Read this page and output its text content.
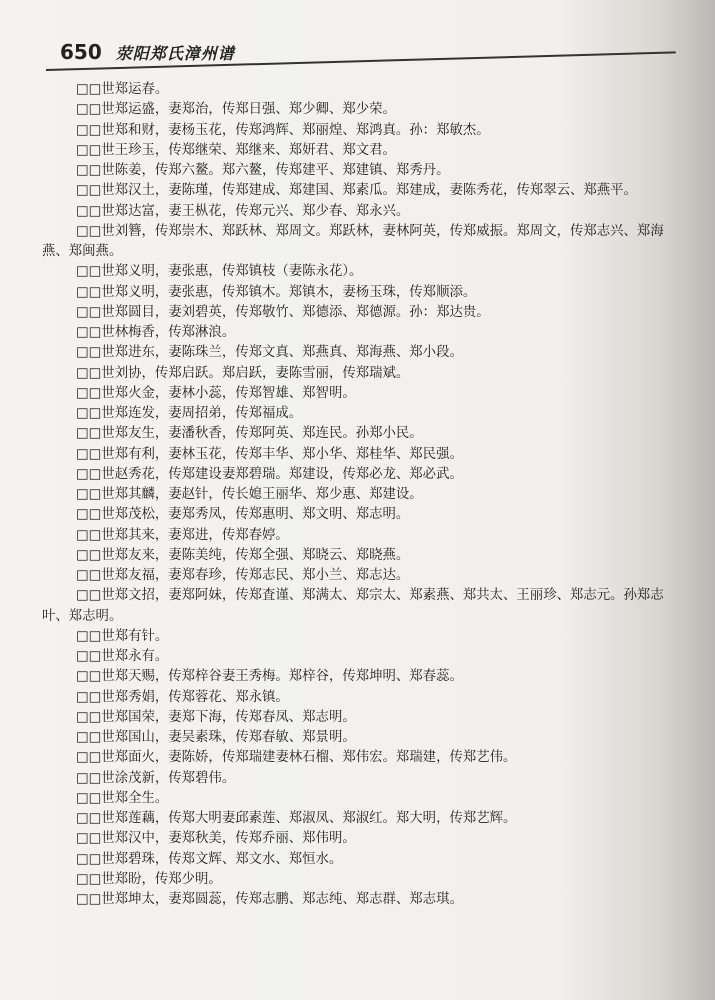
650 荥阳郑氏漳州谱

□□世郑运春。

□□世郑运盛，妻郑治，传郑日强、郑少卿、郑少荣。

□□世郑和财，妻杨玉花，传郑鸿辉、郑丽煌、郑鸿真。孙：郑敏杰。

□□世王珍玉，传郑继荣、郑继来、郑妍君、郑文君。

□□世陈姜，传郑六鳌。郑六鳌，传郑建平、郑建镇、郑秀丹。

□□世郑汉土，妻陈瑾，传郑建成、郑建国、郑素瓜。郑建成，妻陈秀花，传郑翠云、郑燕平。

□□世郑达富，妻王枞花，传郑元兴、郑少春、郑永兴。

□□世刘簪，传郑崇木、郑跃林、郑周文。郑跃林，妻林阿英，传郑威振。郑周文，传郑志兴、郑海燕、郑闽燕。

□□世郑义明，妻张惠，传郑镇枝（妻陈永花）。

□□世郑义明，妻张惠，传郑镇木。郑镇木，妻杨玉珠，传郑顺添。

□□世郑圆目，妻刘碧英，传郑敬竹、郑德添、郑德源。孙：郑达贵。

□□世林梅香，传郑淋浪。

□□世郑进东，妻陈珠兰，传郑文真、郑燕真、郑海燕、郑小段。

□□世刘协，传郑启跃。郑启跃，妻陈雪丽，传郑瑞斌。

□□世郑火金，妻林小蕊，传郑智雄、郑智明。

□□世郑连发，妻周招弟，传郑福成。

□□世郑友生，妻潘秋香，传郑阿英、郑连民。孙郑小民。

□□世郑有利，妻林玉花，传郑丰华、郑小华、郑桂华、郑民强。

□□世赵秀花，传郑建设妻郑碧瑞。郑建设，传郑必龙、郑必武。

□□世郑其麟，妻赵针，传长媳王丽华、郑少惠、郑建设。

□□世郑茂松，妻郑秀凤，传郑惠明、郑文明、郑志明。

□□世郑其来，妻郑进，传郑春婷。

□□世郑友来，妻陈美纯，传郑全强、郑晓云、郑晓燕。

□□世郑友福，妻郑春珍，传郑志民、郑小兰、郑志达。

□□世郑文招，妻郑阿妹，传郑査谨、郑满太、郑宗太、郑素燕、郑共太、王丽珍、郑志元。孙郑志叶、郑志明。

□□世郑有针。

□□世郑永有。

□□世郑天赐，传郑梓谷妻王秀梅。郑梓谷，传郑坤明、郑春蕊。

□□世郑秀娟，传郑蓉花、郑永镇。

□□世郑国荣，妻郑下海，传郑春凤、郑志明。

□□世郑国山，妻吴素珠，传郑春敏、郑景明。

□□世郑面火，妻陈娇，传郑瑞建妻林石榴、郑伟宏。郑瑞建，传郑艺伟。

□□世涂茂新，传郑碧伟。

□□世郑全生。

□□世郑莲藕，传郑大明妻邱素莲、郑淑凤、郑淑红。郑大明，传郑艺辉。

□□世郑汉中，妻郑秋美，传郑乔丽、郑伟明。

□□世郑碧珠，传郑文辉、郑文水、郑恒水。

□□世郑盼，传郑少明。

□□世郑坤太，妻郑圆蕊，传郑志鹏、郑志纯、郑志群、郑志琪。
